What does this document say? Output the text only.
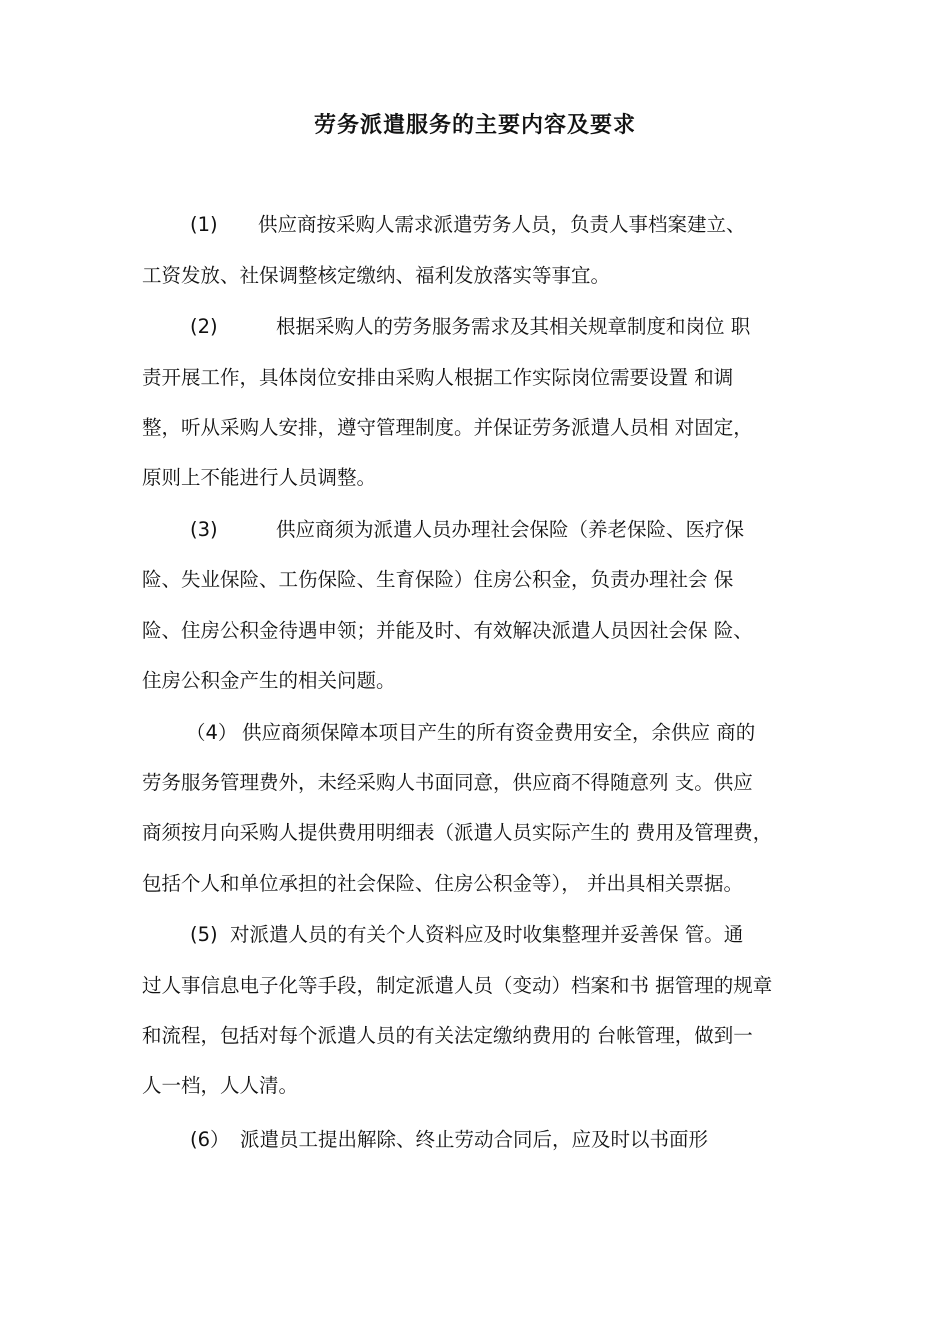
劳务派遣服务的主要内容及要求
(1) 供应商按采购人需求派遣劳务人员，负责人事档案建立、
工资发放、社保调整核定缴纳、福利发放落实等事宜。
(2)	根据采购人的劳务服务需求及其相关规章制度和岗位 职
责开展工作，具体岗位安排由采购人根据工作实际岗位需要设置 和调
整，听从采购人安排，遵守管理制度。并保证劳务派遣人员相 对固定，
原则上不能进行人员调整。
(3)	供应商须为派遣人员办理社会保险（养老保险、医疗保
险、失业保险、工伤保险、生育保险）住房公积金，负责办理社会 保
险、住房公积金待遇申领；并能及时、有效解决派遣人员因社会保 险、
住房公积金产生的相关问题。
（4） 供应商须保障本项目产生的所有资金费用安全，余供应 商的
劳务服务管理费外，未经采购人书面同意，供应商不得随意列 支。供应
商须按月向采购人提供费用明细表（派遣人员实际产生的 费用及管理费，
包括个人和单位承担的社会保险、住房公积金等）， 并出具相关票据。
(5) 对派遣人员的有关个人资料应及时收集整理并妥善保 管。通
过人事信息电子化等手段，制定派遣人员（变动）档案和书 据管理的规章
和流程，包括对每个派遣人员的有关法定缴纳费用的 台帐管理，做到一
人一档，人人清。
(6） 派遣员工提出解除、终止劳动合同后，应及时以书面形
